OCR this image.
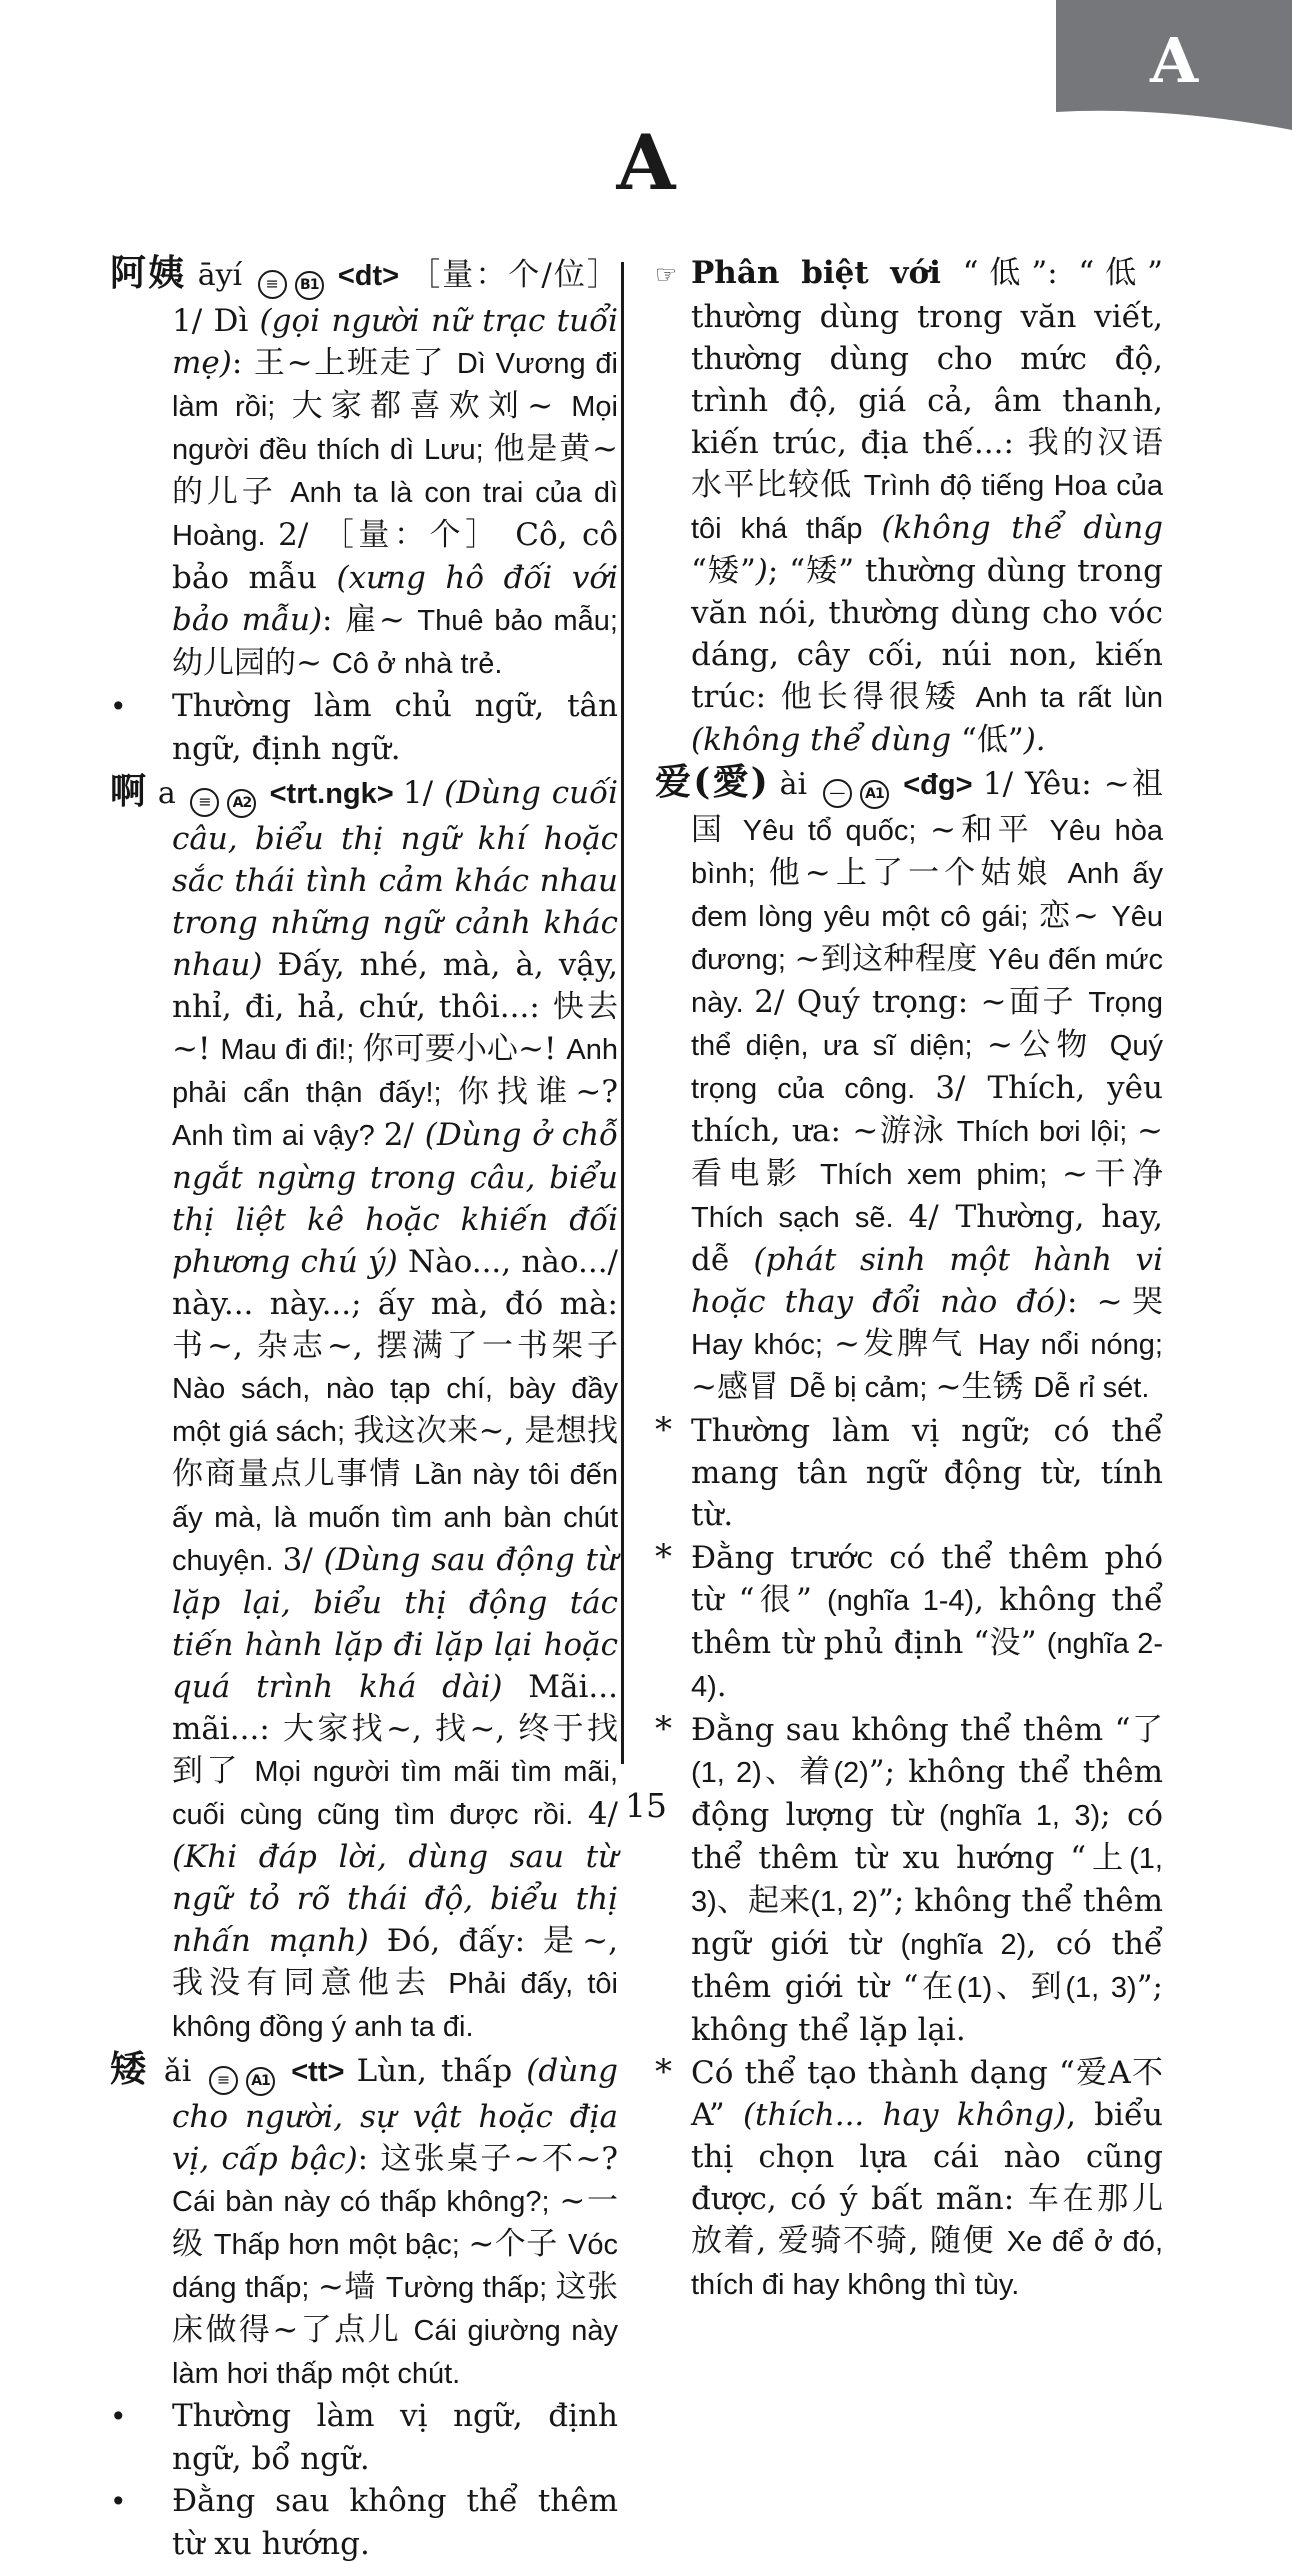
A
A

阿姨 āyí ≡ B1 <dt> ［量：个/位］ 1/ Dì (gọi người nữ trạc tuổi mẹ): 王~上班走了 Dì Vương đi làm rồi; 大家都喜欢刘~ Mọi người đều thích dì Lưu; 他是黄~的儿子 Anh ta là con trai của dì Hoàng. 2/ ［量：个］ Cô, cô bảo mẫu (xưng hô đối với bảo mẫu): 雇~ Thuê bảo mẫu; 幼儿园的~ Cô ở nhà trẻ.

• Thường làm chủ ngữ, tân ngữ, định ngữ.

啊 a ≡ A2 <trt.ngk> 1/ (Dùng cuối câu, biểu thị ngữ khí hoặc sắc thái tình cảm khác nhau trong những ngữ cảnh khác nhau) Đấy, nhé, mà, à, vậy, nhỉ, đi, hả, chứ, thôi...: 快去~! Mau đi đi!; 你可要小心~! Anh phải cẩn thận đấy!; 你找谁~? Anh tìm ai vậy? 2/ (Dùng ở chỗ ngắt ngừng trong câu, biểu thị liệt kê hoặc khiến đối phương chú ý) Nào..., nào.../ này... này...; ấy mà, đó mà: 书~, 杂志~, 摆满了一书架子 Nào sách, nào tạp chí, bày đầy một giá sách; 我这次来~, 是想找你商量点儿事情 Lần này tôi đến ấy mà, là muốn tìm anh bàn chút chuyện. 3/ (Dùng sau động từ lặp lại, biểu thị động tác tiến hành lặp đi lặp lại hoặc quá trình khá dài) Mãi... mãi...: 大家找~, 找~, 终于找到了 Mọi người tìm mãi tìm mãi, cuối cùng cũng tìm được rồi. 4/ (Khi đáp lời, dùng sau từ ngữ tỏ rõ thái độ, biểu thị nhấn mạnh) Đó, đấy: 是~, 我没有同意他去 Phải đấy, tôi không đồng ý anh ta đi.

矮 ǎi ≡ A1 <tt> Lùn, thấp (dùng cho người, sự vật hoặc địa vị, cấp bậc): 这张桌子~不~? Cái bàn này có thấp không?; ~一级 Thấp hơn một bậc; ~个子 Vóc dáng thấp; ~墙 Tường thấp; 这张床做得~了点儿 Cái giường này làm hơi thấp một chút.

• Thường làm vị ngữ, định ngữ, bổ ngữ.

• Đằng sau không thể thêm từ xu hướng.

☞ Phân biệt với “低”: “低” thường dùng trong văn viết, thường dùng cho mức độ, trình độ, giá cả, âm thanh, kiến trúc, địa thế...: 我的汉语水平比较低 Trình độ tiếng Hoa của tôi khá thấp (không thể dùng “矮”); “矮” thường dùng trong văn nói, thường dùng cho vóc dáng, cây cối, núi non, kiến trúc: 他长得很矮 Anh ta rất lùn (không thể dùng “低”).

爱(愛) ài — A1 <đg> 1/ Yêu: ~祖国 Yêu tổ quốc; ~和平 Yêu hòa bình; 他~上了一个姑娘 Anh ấy đem lòng yêu một cô gái; 恋~ Yêu đương; ~到这种程度 Yêu đến mức này. 2/ Quý trọng: ~面子 Trọng thể diện, ưa sĩ diện; ~公物 Quý trọng của công. 3/ Thích, yêu thích, ưa: ~游泳 Thích bơi lội; ~看电影 Thích xem phim; ~干净 Thích sạch sẽ. 4/ Thường, hay, dễ (phát sinh một hành vi hoặc thay đổi nào đó): ~哭 Hay khóc; ~发脾气 Hay nổi nóng; ~感冒 Dễ bị cảm; ~生锈 Dễ rỉ sét.

* Thường làm vị ngữ; có thể mang tân ngữ động từ, tính từ.

* Đằng trước có thể thêm phó từ “很” (nghĩa 1-4), không thể thêm từ phủ định “没” (nghĩa 2-4).

* Đằng sau không thể thêm “了(1, 2)、着(2)”; không thể thêm động lượng từ (nghĩa 1, 3); có thể thêm từ xu hướng “上(1, 3)、起来(1, 2)”; không thể thêm ngữ giới từ (nghĩa 2), có thể thêm giới từ “在(1)、到(1, 3)”; không thể lặp lại.

* Có thể tạo thành dạng “爱A不A” (thích... hay không), biểu thị chọn lựa cái nào cũng được, có ý bất mãn: 车在那儿放着, 爱骑不骑, 随便 Xe để ở đó, thích đi hay không thì tùy.

15
